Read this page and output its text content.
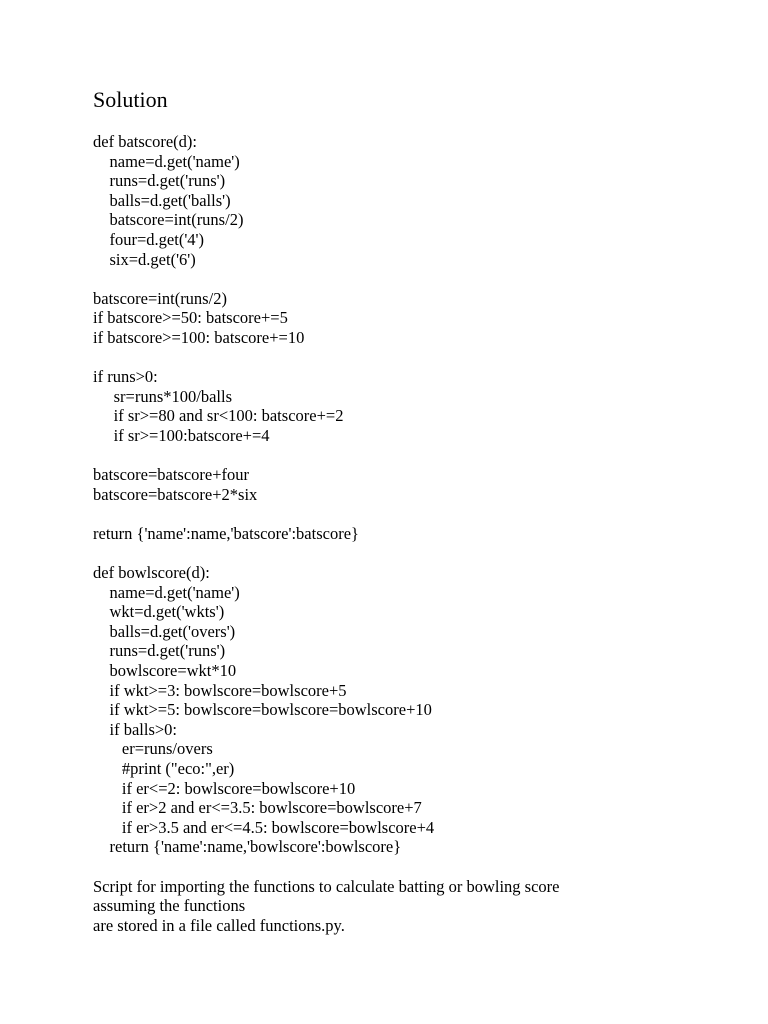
Solution
def batscore(d):
name=d.get('name')
runs=d.get('runs')
balls=d.get('balls')
batscore=int(runs/2)
four=d.get('4')
six=d.get('6')
batscore=int(runs/2)
if batscore>=50: batscore+=5
if batscore>=100: batscore+=10
if runs>0:
sr=runs*100/balls
if sr>=80 and sr<100: batscore+=2
if sr>=100:batscore+=4
batscore=batscore+four
batscore=batscore+2*six
return {'name':name,'batscore':batscore}
def bowlscore(d):
name=d.get('name')
wkt=d.get('wkts')
balls=d.get('overs')
runs=d.get('runs')
bowlscore=wkt*10
if wkt>=3: bowlscore=bowlscore+5
if wkt>=5: bowlscore=bowlscore=bowlscore+10
if balls>0:
er=runs/overs
#print ("eco:",er)
if er<=2: bowlscore=bowlscore+10
if er>2 and er<=3.5: bowlscore=bowlscore+7
if er>3.5 and er<=4.5: bowlscore=bowlscore+4
return {'name':name,'bowlscore':bowlscore}
Script for importing the functions to calculate batting or bowling score
assuming the functions
are stored in a file called functions.py.
